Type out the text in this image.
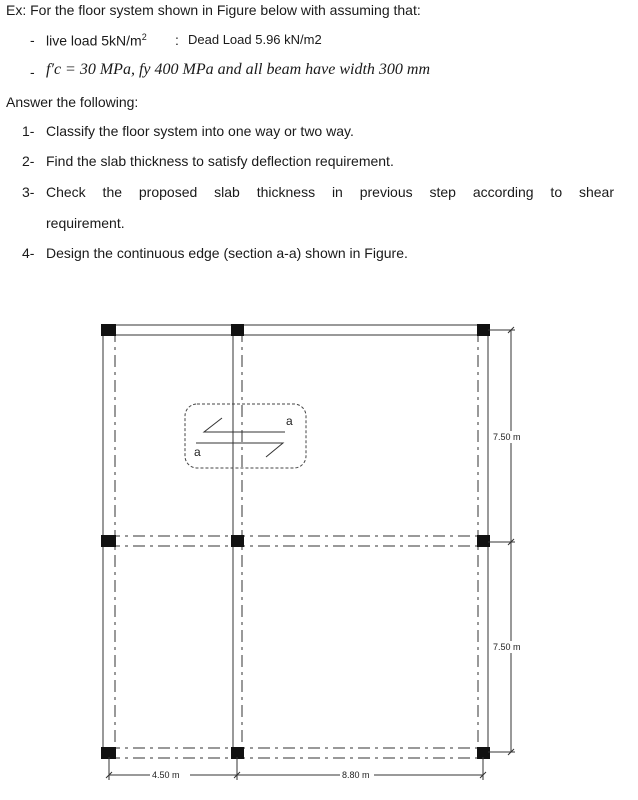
Ex: For the floor system shown in Figure below with assuming that:
- live load $5kN/m^2$ : Dead Load 5.96 kN/m2
- f′c = 30 MPa, fy 400 MPa and all beam have width 300 mm
Answer the following:
1- Classify the floor system into one way or two way.
2- Find the slab thickness to satisfy deflection requirement.
3- Check the proposed slab thickness in previous step according to shear
requirement.
4- Design the continuous edge (section a-a) shown in Figure.
a
a
7.50 m
7.50 m
4.50 m	8.80 m
